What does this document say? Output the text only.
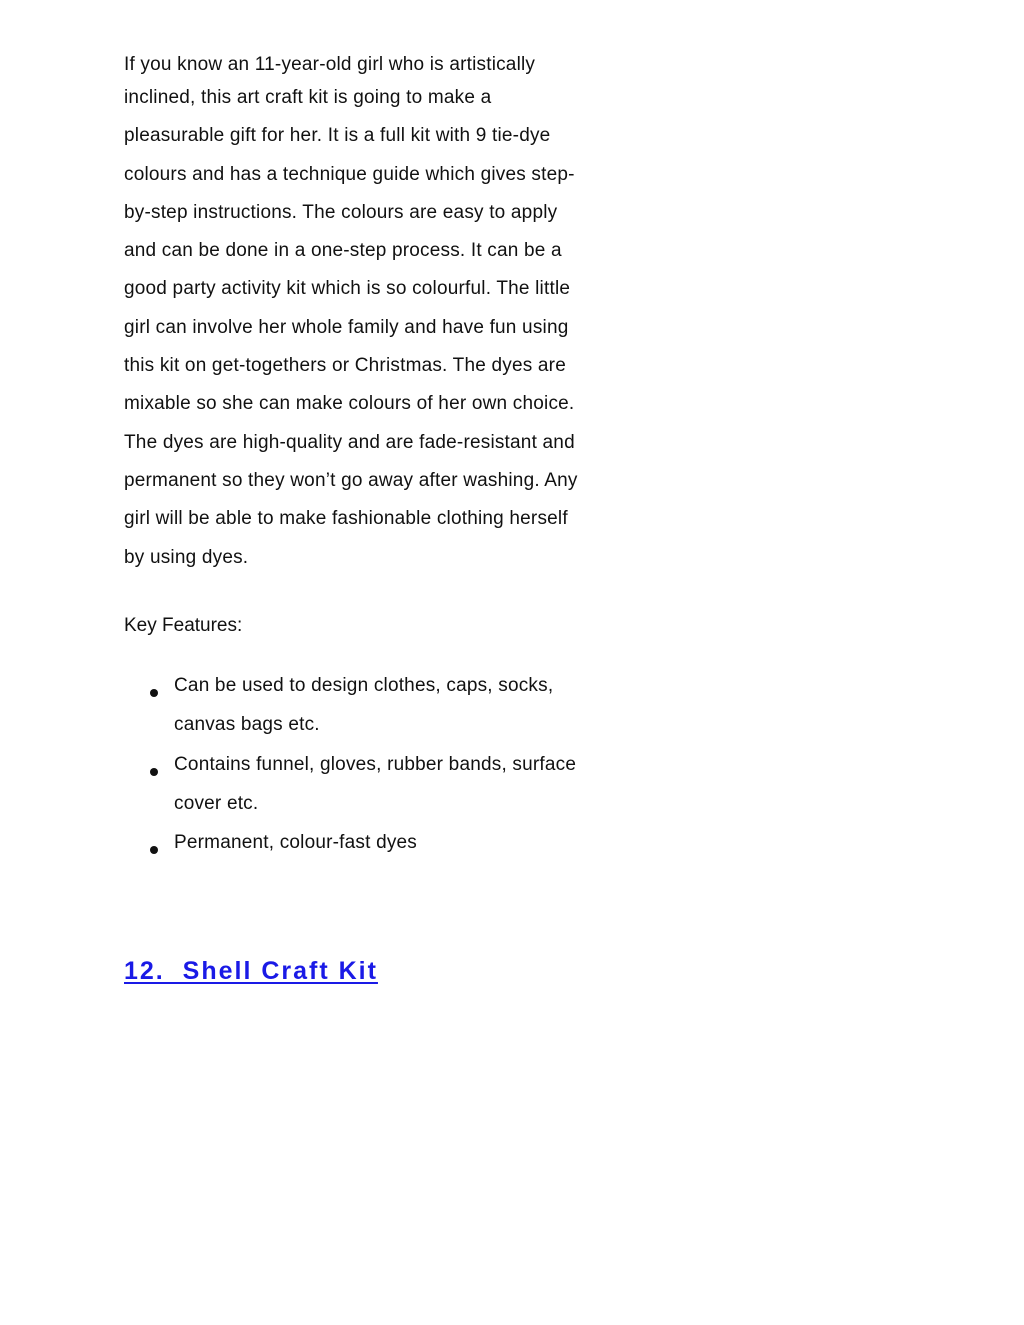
If you know an 11-year-old girl who is artistically
inclined, this art craft kit is going to make a
pleasurable gift for her. It is a full kit with 9 tie-dye
colours and has a technique guide which gives step-
by-step instructions. The colours are easy to apply
and can be done in a one-step process. It can be a
good party activity kit which is so colourful. The little
girl can involve her whole family and have fun using
this kit on get-togethers or Christmas. The dyes are
mixable so she can make colours of her own choice.
The dyes are high-quality and are fade-resistant and
permanent so they won’t go away after washing. Any
girl will be able to make fashionable clothing herself
by using dyes.
Key Features:
Can be used to design clothes, caps, socks,
canvas bags etc.
Contains funnel, gloves, rubber bands, surface
cover etc.
Permanent, colour-fast dyes
12.  Shell Craft Kit
